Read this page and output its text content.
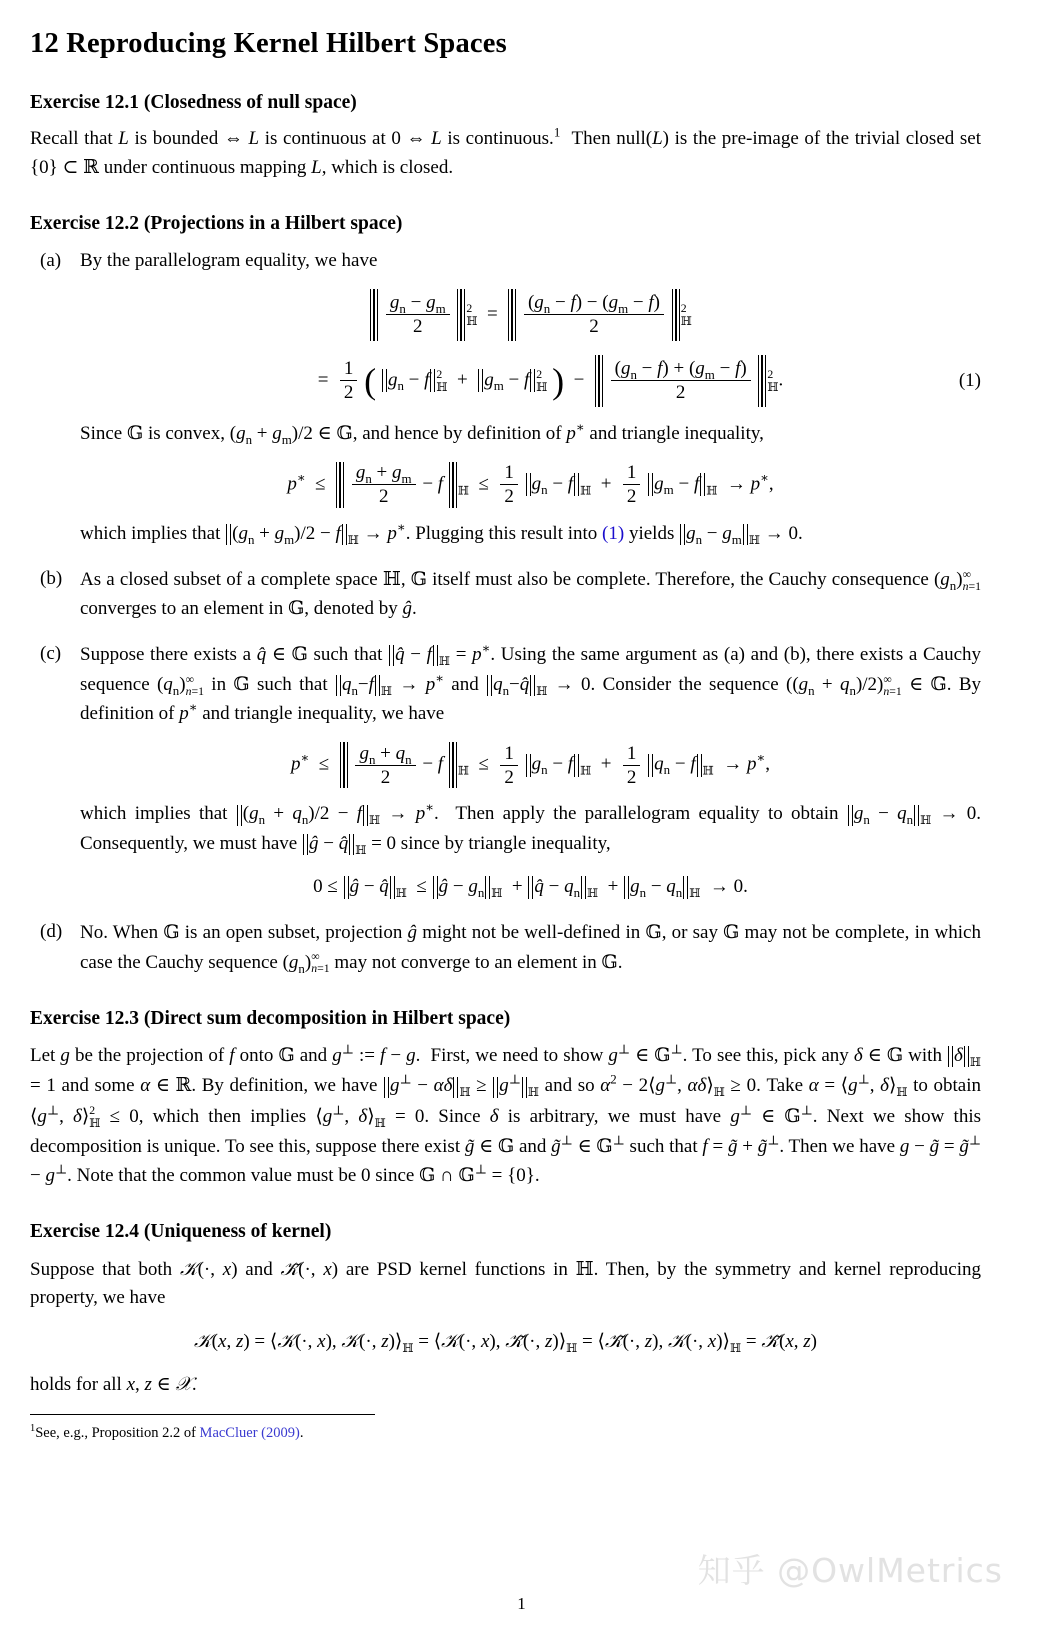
12 Reproducing Kernel Hilbert Spaces
Exercise 12.1 (Closedness of null space)

Recall that L is bounded ⇔ L is continuous at 0 ⇔ L is continuous.$^1$  Then null(L) is the pre-image of the trivial closed set {0} ⊂ ℝ under continuous mapping L, which is closed.

Exercise 12.2 (Projections in a Hilbert space)
(a) By the parallelogram equality, we have

$\frac{g_n - g_m}{2}$
2
ℍ = $\frac{(g_n - f) - (g_m - f)}{2}$
2
ℍ
= $\frac{1}{2}$ ( $g_n - f$ 2
ℍ +  $g_m - f$ 2
ℍ )  − $\frac{(g_n - f) + (g_m - f)}{2}$
2
ℍ .	(1)
Since 𝔾 is convex, $(g_n + g_m)/2$ ∈ 𝔾, and hence by definition of p∗ and triangle inequality,
$p^∗ \le \frac{g_n + g_m}{2} - f$ $_ℍ \le \frac{1}{2} g_n - f$ $_ℍ + \frac{1}{2} g_m - f$ $_ℍ$  → p∗,
which implies that $(g_n + g_m)/2 - f$ $_ℍ$ → p∗. Plugging this result into (1) yields $g_n - g_m$ $_ℍ$ → 0.
(b) As a closed subset of a complete space ℍ, 𝔾 itself must also be complete. Therefore, the Cauchy consequence $(g_n)$ ∞
n=1
converges to an element in 𝔾, denoted by ĝ.
(c) Suppose there exists a q̂ ∈ 𝔾 such that q̂ − f $_ℍ$ = p∗. Using the same argument as (a) and (b), there exists a Cauchy sequence $(q_n)$ ∞
n=1 in 𝔾 such that $q_n-f$ $_ℍ$ → p∗ and $q_n-q̂$ $_ℍ$ → 0. Consider the sequence $((g_n + q_n)/2)$ ∞
n=1 ∈ 𝔾. By definition of p∗ and triangle inequality, we have
$p^∗ \le \frac{g_n + q_n}{2} - f$ $_ℍ \le \frac{1}{2} g_n - f$ $_ℍ + \frac{1}{2} q_n - f$ $_ℍ$  → p∗,
which implies that $(g_n + q_n)/2 - f$ $_ℍ$ → p∗.  Then apply the parallelogram equality to obtain $g_n - q_n$ $_ℍ$ → 0. Consequently, we must have ĝ − q̂ $_ℍ$ = 0 since by triangle inequality,
0 ≤ ĝ − q̂ $_ℍ$  ≤ ĝ − $g_n$ $_ℍ$  + q̂ − $q_n$ $_ℍ + g_n - q_n$ $_ℍ$  → 0.
(d) No. When 𝔾 is an open subset, projection ĝ might not be well-defined in 𝔾, or say 𝔾 may not be complete, in which case the Cauchy sequence $(g_n)$ ∞
n=1 may not converge to an element in 𝔾.
Exercise 12.3 (Direct sum decomposition in Hilbert space)

Let g be the projection of f onto 𝔾 and g⊥ := f − g.  First, we need to show g⊥ ∈ 𝔾⊥. To see this, pick any δ ∈ 𝔾 with δ $_ℍ$ = 1 and some α ∈ ℝ. By definition, we have g⊥ − αδ $_ℍ \ge g^\perp_ℍ$ and so $\alpha^2$ − 2⟨g⊥, $\alpha\delta⟩_ℍ \ge 0$. Take α = ⟨g⊥, $\delta⟩_ℍ$ to obtain ⟨g⊥, δ⟩ 2
ℍ ≤ 0, which then implies ⟨g⊥, $\delta⟩_ℍ = 0$. Since δ is arbitrary, we must have g⊥ ∈ 𝔾⊥. Next we show this decomposition is unique. To see this, suppose there exist g̃ ∈ 𝔾 and g̃⊥ ∈ 𝔾⊥ such that f = g̃ + g̃⊥. Then we have g − g̃ = g̃⊥ − g⊥. Note that the common value must be 0 since 𝔾 ∩ 𝔾⊥ = {0}.

Exercise 12.4 (Uniqueness of kernel)

Suppose that both 𝒦(·, x) and 𝒦̃(·, x) are PSD kernel functions in ℍ. Then, by the symmetry and kernel reproducing property, we have

𝒦(x, z) = ⟨𝒦(·, x), 𝒦(·, $z)⟩_ℍ$ = ⟨𝒦(·, x), 𝒦̃(·, $z)⟩_ℍ$ = ⟨𝒦̃(·, z), 𝒦(·, $x)⟩_ℍ$ = 𝒦̃(x, z)

holds for all x, z ∈ 𝒳.

$^1$See, e.g., Proposition 2.2 of MacCluer (2009).
1
知乎 @OwlMetrics
